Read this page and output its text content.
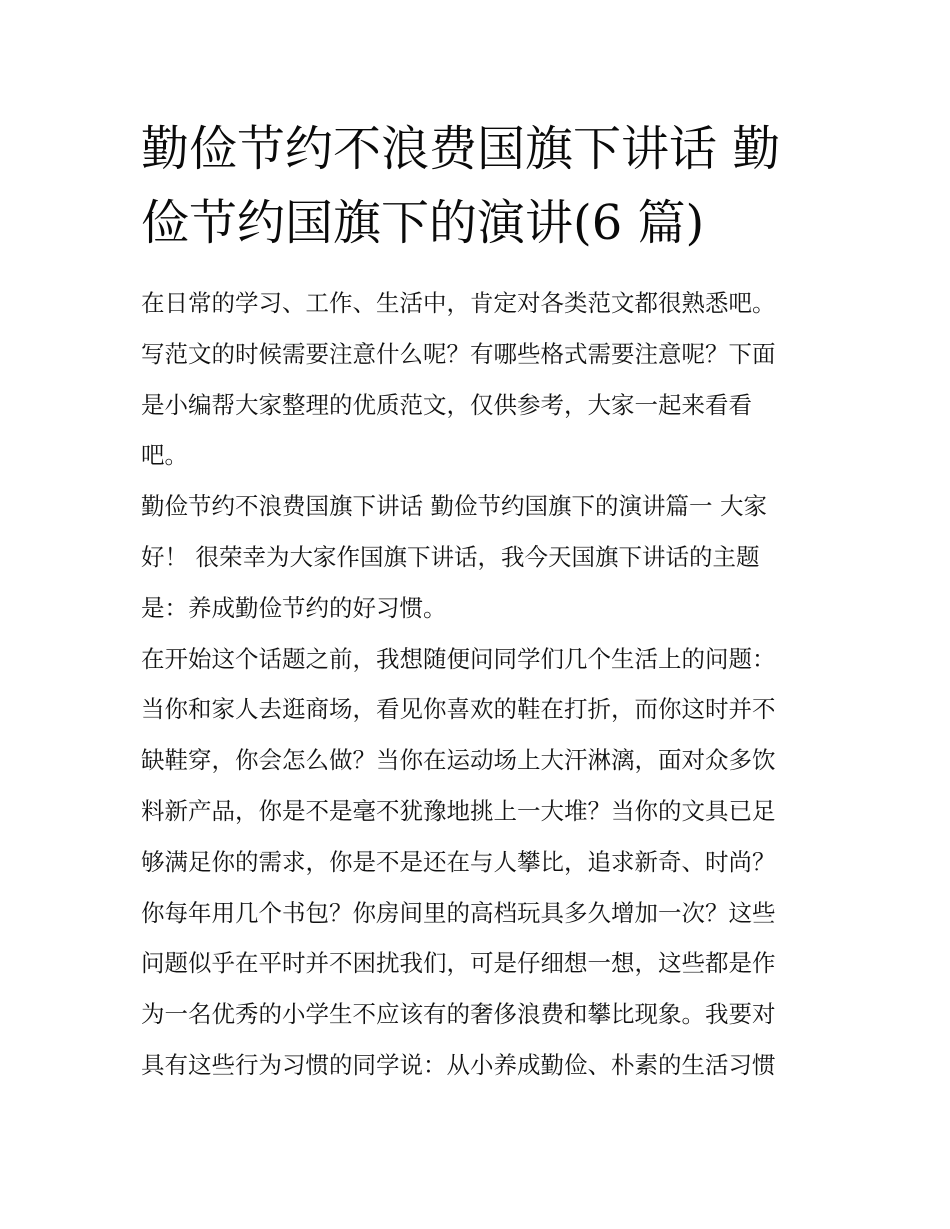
勤俭节约不浪费国旗下讲话 勤
俭节约国旗下的演讲(6 篇)
在日常的学习、工作、生活中，肯定对各类范文都很熟悉吧。
写范文的时候需要注意什么呢？有哪些格式需要注意呢？下面
是小编帮大家整理的优质范文，仅供参考，大家一起来看看
吧。
勤俭节约不浪费国旗下讲话 勤俭节约国旗下的演讲篇一 大家
好！ 很荣幸为大家作国旗下讲话，我今天国旗下讲话的主题
是：养成勤俭节约的好习惯。
在开始这个话题之前，我想随便问同学们几个生活上的问题：
当你和家人去逛商场，看见你喜欢的鞋在打折，而你这时并不
缺鞋穿，你会怎么做？当你在运动场上大汗淋漓，面对众多饮
料新产品，你是不是毫不犹豫地挑上一大堆？当你的文具已足
够满足你的需求，你是不是还在与人攀比，追求新奇、时尚？
你每年用几个书包？你房间里的高档玩具多久增加一次？这些
问题似乎在平时并不困扰我们，可是仔细想一想，这些都是作
为一名优秀的小学生不应该有的奢侈浪费和攀比现象。我要对
具有这些行为习惯的同学说：从小养成勤俭、朴素的生活习惯
